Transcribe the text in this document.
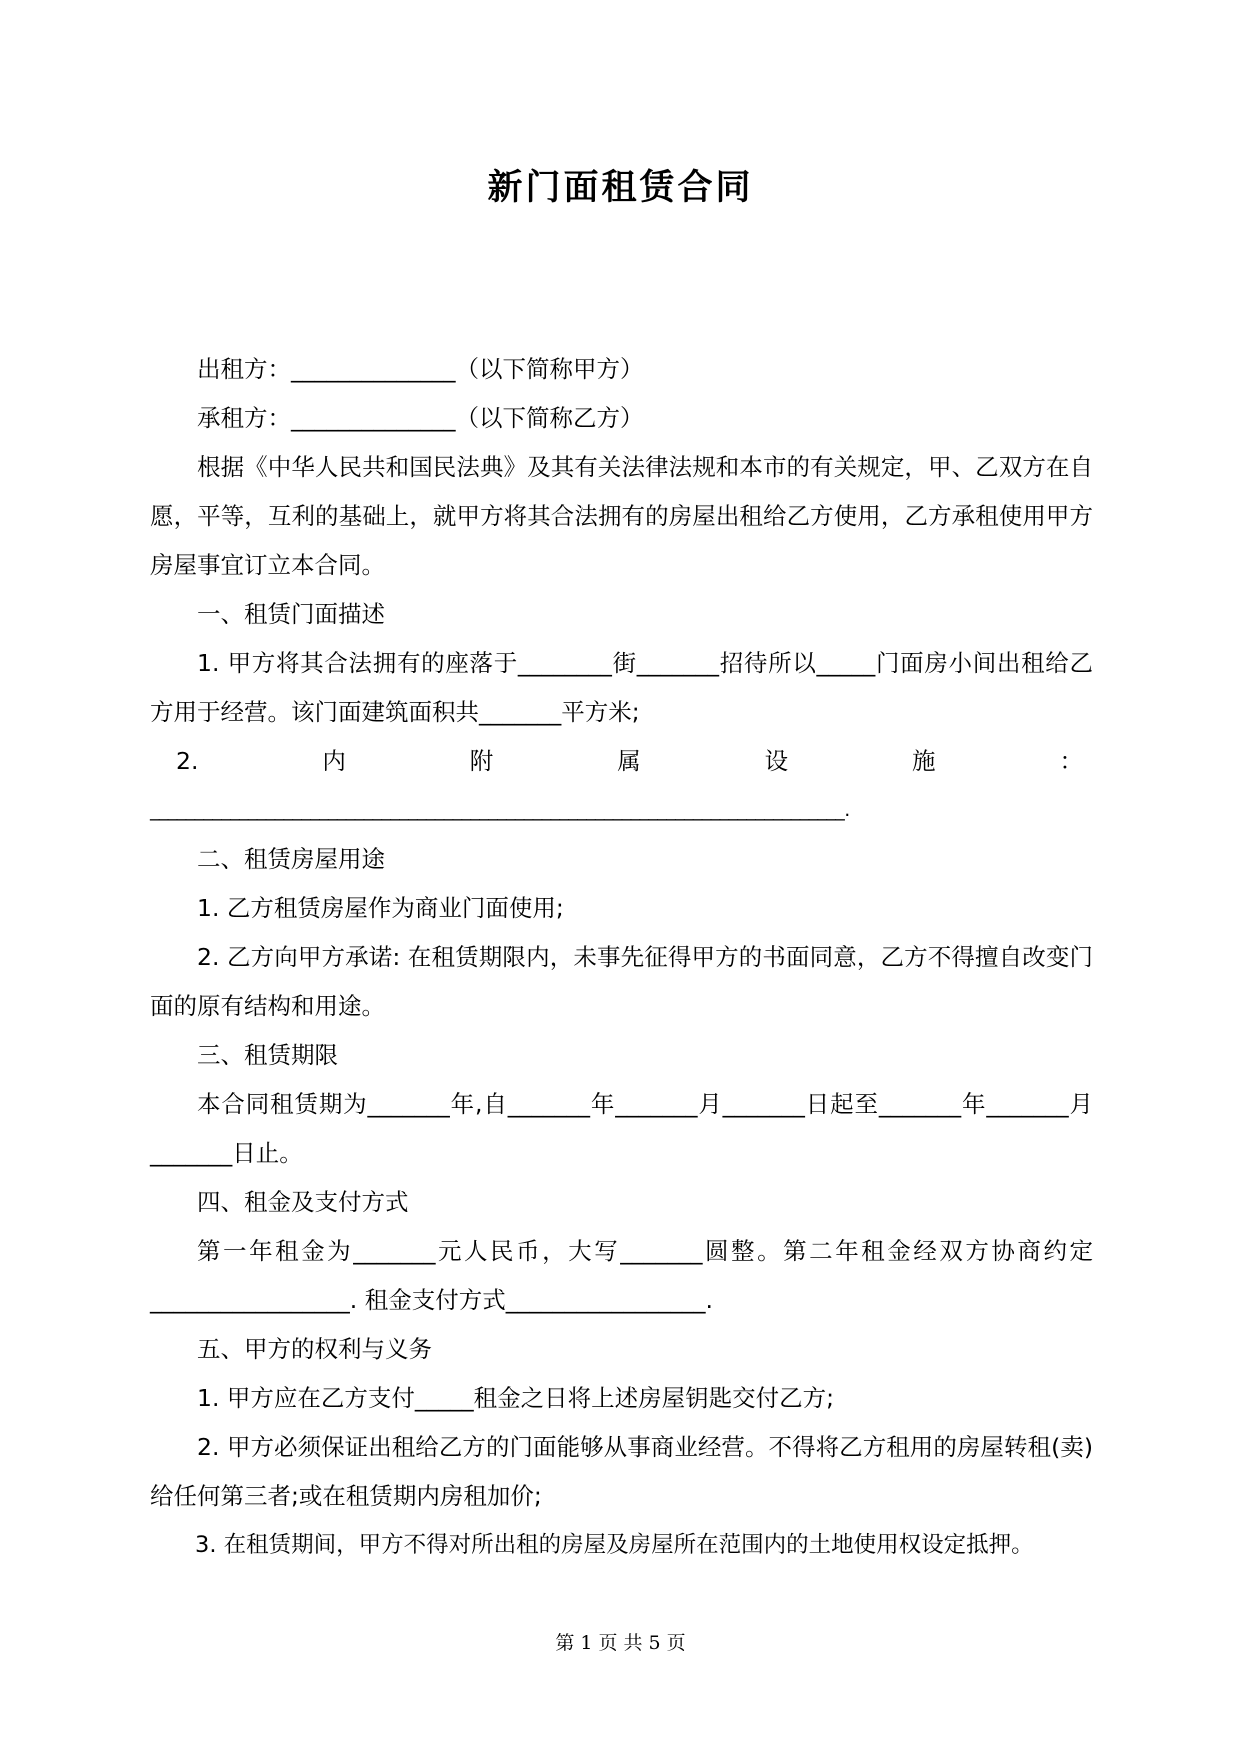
新门面租赁合同

出租方：______________（以下简称甲方）

承租方：______________（以下简称乙方）

根据《中华人民共和国民法典》及其有关法律法规和本市的有关规定，甲、乙双方在自愿，平等，互利的基础上，就甲方将其合法拥有的房屋出租给乙方使用，乙方承租使用甲方房屋事宜订立本合同。

一、租赁门面描述

1. 甲方将其合法拥有的座落于________街_______招待所以_____门面房小间出租给乙方用于经营。该门面建筑面积共_______平方米;

2.	内	附	属	设	施	：

______________________________________________________________________________.

二、租赁房屋用途

1. 乙方租赁房屋作为商业门面使用;

2. 乙方向甲方承诺: 在租赁期限内，未事先征得甲方的书面同意，乙方不得擅自改变门面的原有结构和用途。

三、租赁期限

本合同租赁期为_______年,自_______年_______月_______日起至_______年_______月_______日止。

四、租金及支付方式

第一年租金为_______元人民币，大写_______圆整。第二年租金经双方协商约定_________________. 租金支付方式_________________.

五、甲方的权利与义务

1. 甲方应在乙方支付_____租金之日将上述房屋钥匙交付乙方;

2. 甲方必须保证出租给乙方的门面能够从事商业经营。不得将乙方租用的房屋转租(卖)给任何第三者;或在租赁期内房租加价;

3. 在租赁期间，甲方不得对所出租的房屋及房屋所在范围内的土地使用权设定抵押。

第 1 页 共 5 页
